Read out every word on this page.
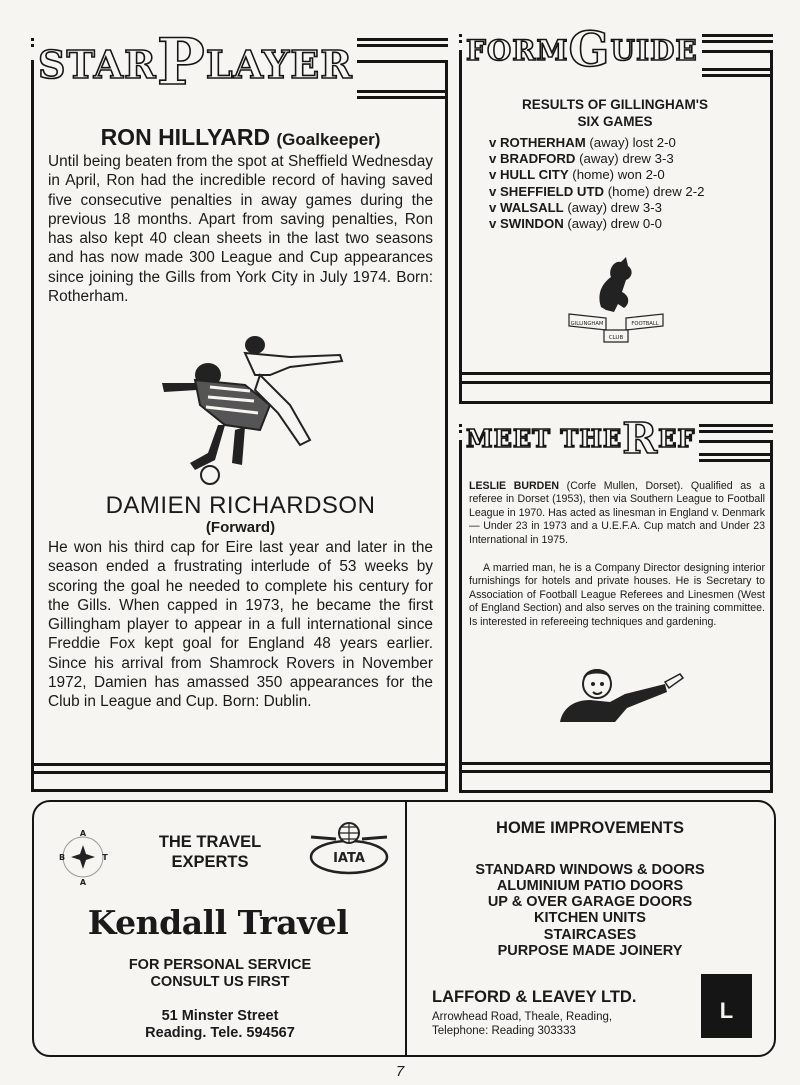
STARPLAYER
RON HILLYARD (Goalkeeper)
Until being beaten from the spot at Sheffield Wednesday in April, Ron had the incredible record of having saved five consecutive penalties in away games during the previous 18 months. Apart from saving penalties, Ron has also kept 40 clean sheets in the last two seasons and has now made 300 League and Cup appearances since joining the Gills from York City in July 1974. Born: Rotherham.
DAMIEN RICHARDSON
(Forward)
He won his third cap for Eire last year and later in the season ended a frustrating interlude of 53 weeks by scoring the goal he needed to complete his century for the Gills. When capped in 1973, he became the first Gillingham player to appear in a full international since Freddie Fox kept goal for England 48 years earlier. Since his arrival from Shamrock Rovers in November 1972, Damien has amassed 350 appearances for the Club in League and Cup. Born: Dublin.
FORMGUIDE
RESULTS OF GILLINGHAM'S
SIX GAMES
v ROTHERHAM (away) lost 2-0
v BRADFORD (away) drew 3-3
v HULL CITY (home) won 2-0
v SHEFFIELD UTD (home) drew 2-2
v WALSALL (away) drew 3-3
v SWINDON (away) drew 0-0
GILLINGHAM	FOOTBALL
CLUB
MEET THEREF
LESLIE BURDEN (Corfe Mullen, Dorset). Qualified as a referee in Dorset (1953), then via Southern League to Football League in 1970. Has acted as linesman in England v. Denmark — Under 23 in 1973 and a U.E.F.A. Cup match and Under 23 International in 1975.
A married man, he is a Company Director designing interior furnishings for hotels and private houses. He is Secretary to Association of Football League Referees and Linesmen (West of England Section) and also serves on the training committee. Is interested in refereeing techniques and gardening.
A
B	T
A
THE TRAVEL
EXPERTS	IATA
Kendall Travel
FOR PERSONAL SERVICE
CONSULT US FIRST
51 Minster Street
Reading. Tele. 594567
HOME IMPROVEMENTS
STANDARD WINDOWS & DOORS
ALUMINIUM PATIO DOORS
UP & OVER GARAGE DOORS
KITCHEN UNITS
STAIRCASES
PURPOSE MADE JOINERY
LAFFORD & LEAVEY LTD.
Arrowhead Road, Theale, Reading,
Telephone: Reading 303333
L
7
